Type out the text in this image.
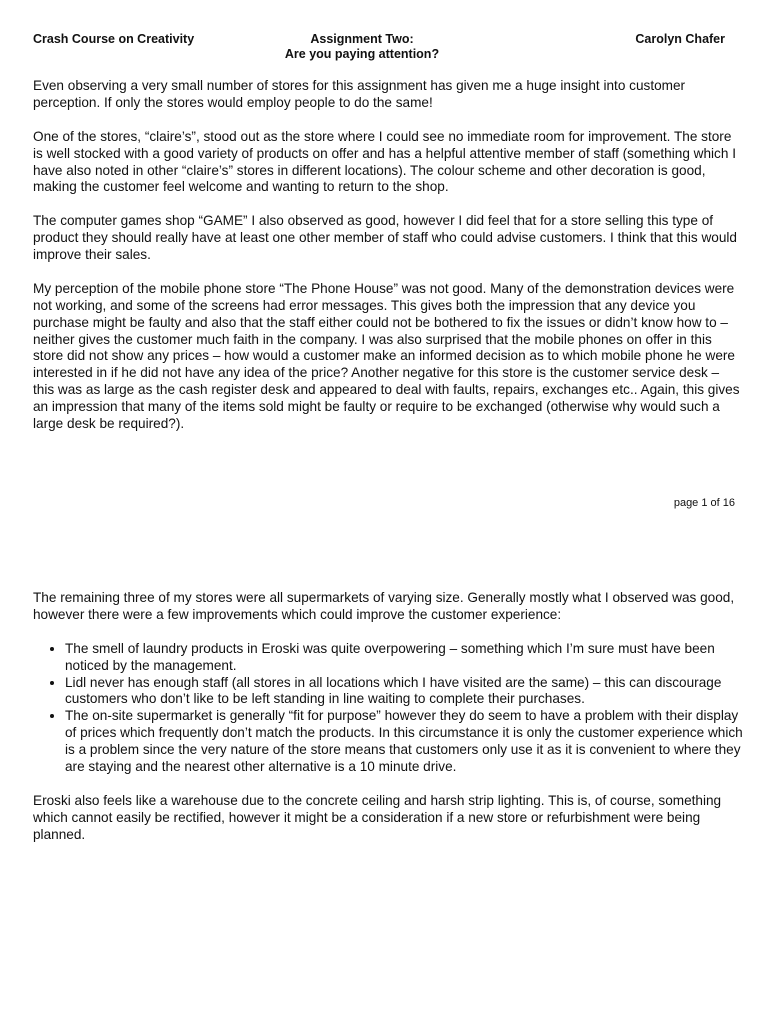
Crash Course on Creativity	Assignment Two:
Are you paying attention?
Carolyn Chafer

Even observing a very small number of stores for this assignment has given me a huge insight into customer perception. If only the stores would employ people to do the same!

One of the stores, “claire’s”, stood out as the store where I could see no immediate room for improvement. The store is well stocked with a good variety of products on offer and has a helpful attentive member of staff (something which I have also noted in other “claire’s” stores in different locations). The colour scheme and other decoration is good, making the customer feel welcome and wanting to return to the shop.

The computer games shop “GAME” I also observed as good, however I did feel that for a store selling this type of product they should really have at least one other member of staff who could advise customers. I think that this would improve their sales.

My perception of the mobile phone store “The Phone House” was not good. Many of the demonstration devices were not working, and some of the screens had error messages. This gives both the impression that any device you purchase might be faulty and also that the staff either could not be bothered to fix the issues or didn’t know how to – neither gives the customer much faith in the company. I was also surprised that the mobile phones on offer in this store did not show any prices – how would a customer make an informed decision as to which mobile phone he were interested in if he did not have any idea of the price? Another negative for this store is the customer service desk – this was as large as the cash register desk and appeared to deal with faults, repairs, exchanges etc.. Again, this gives an impression that many of the items sold might be faulty or require to be exchanged (otherwise why would such a large desk be required?).

page 1 of 16

The remaining three of my stores were all supermarkets of varying size. Generally mostly what I observed was good, however there were a few improvements which could improve the customer experience:

• The smell of laundry products in Eroski was quite overpowering – something which I’m sure must have been noticed by the management.
• Lidl never has enough staff (all stores in all locations which I have visited are the same) – this can discourage customers who don’t like to be left standing in line waiting to complete their purchases.
• The on-site supermarket is generally “fit for purpose” however they do seem to have a problem with their display of prices which frequently don’t match the products. In this circumstance it is only the customer experience which is a problem since the very nature of the store means that customers only use it as it is convenient to where they are staying and the nearest other alternative is a 10 minute drive.

Eroski also feels like a warehouse due to the concrete ceiling and harsh strip lighting. This is, of course, something which cannot easily be rectified, however it might be a consideration if a new store or refurbishment were being planned.
